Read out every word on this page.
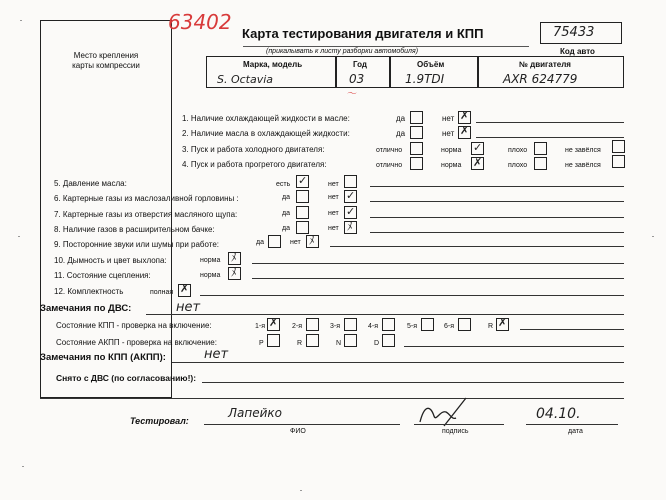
Место крепления
карты компрессии
63402 Карта тестирования двигателя и КПП
(прикалывать к листу разборки автомобиля)
75433
Код авто
Марка, модель
S. Octavia
Год
03
～
Объём
1.9TDI
№ двигателя
AXR 624779
1. Наличие охлаждающей жидкости в масле:	да	нет ✗
2. Наличие масла в охлаждающей жидкости:	да	нет ✗
3. Пуск и работа холодного двигателя:	отлично	норма ✓	плохо	не завёлся
4. Пуск и работа прогретого двигателя:	отлично	норма ✗	плохо	не завёлся
5. Давление масла:	есть ✓	нет
6. Картерные газы из маслозаливной горловины :	да	нет ✓
7. Картерные газы из отверстия масляного щупа:	да	нет ✓
8. Наличие газов в расширительном бачке:	да	нет ﾒ
9. Посторонние звуки или шумы при работе:	да	нет ﾒ
10. Дымность и цвет выхлопа:	норма ﾒ
11. Состояние сцепления:	норма ﾒ
12. Комплектность	полная ✗
Замечания по ДВС:	нет
Состояние КПП - проверка на включение:	1-я ✗ 2-я	3-я	4-я	5-я	6-я	R ✗
Состояние АКПП - проверка на включение:	P	R	N	D
Замечания по КПП (АКПП):	нет
Снято с ДВС (по согласованию!):
Тестировал:
Лапейко
ФИО	подпись
04.10.
дата
